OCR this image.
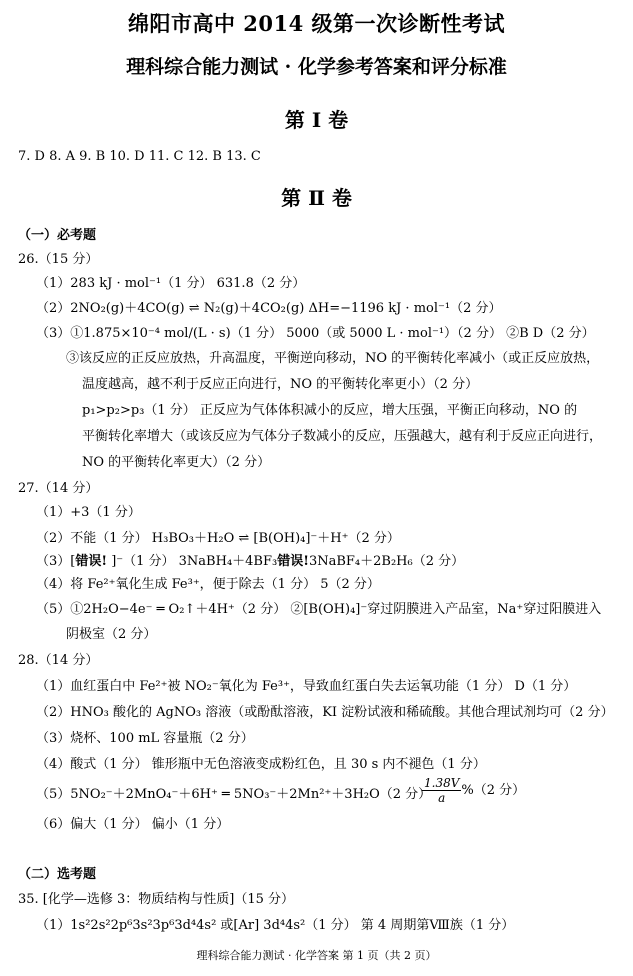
绵阳市高中 2014 级第一次诊断性考试
理科综合能力测试 · 化学参考答案和评分标准
第 Ⅰ 卷
7. D 8. A 9. B 10. D 11. C 12. B 13. C
第 Ⅱ 卷
（一）必考题
26.（15 分）
（1）283 kJ · mol⁻¹（1 分） 631.8（2 分）
（2）2NO₂(g)＋4CO(g) ⇌ N₂(g)＋4CO₂(g) ΔH=−1196 kJ · mol⁻¹（2 分）
（3）①1.875×10⁻⁴ mol/(L · s)（1 分） 5000（或 5000 L · mol⁻¹）（2 分） ②B D（2 分）
③该反应的正反应放热，升高温度，平衡逆向移动，NO 的平衡转化率减小（或正反应放热，
温度越高，越不利于反应正向进行，NO 的平衡转化率更小）（2 分）
p₁>p₂>p₃（1 分） 正反应为气体体积减小的反应，增大压强，平衡正向移动，NO 的
平衡转化率增大（或该反应为气体分子数减小的反应，压强越大，越有利于反应正向进行，
NO 的平衡转化率更大）（2 分）
27.（14 分）
（1）+3（1 分）
（2）不能（1 分） H₃BO₃＋H₂O ⇌ [B(OH)₄]⁻＋H⁺（2 分）
（3）[错误! ]⁻（1 分） 3NaBH₄＋4BF₃错误!3NaBF₄＋2B₂H₆（2 分）
（4）将 Fe²⁺氧化生成 Fe³⁺，便于除去（1 分） 5（2 分）
（5）①2H₂O−4e⁻ ═ O₂↑＋4H⁺（2 分） ②[B(OH)₄]⁻穿过阴膜进入产品室，Na⁺穿过阳膜进入
阴极室（2 分）
28.（14 分）
（1）血红蛋白中 Fe²⁺被 NO₂⁻氧化为 Fe³⁺，导致血红蛋白失去运氧功能（1 分） D（1 分）
（2）HNO₃ 酸化的 AgNO₃ 溶液（或酚酞溶液，KI 淀粉试液和稀硫酸。其他合理试剂均可（2 分）
（3）烧杯、100 mL 容量瓶（2 分）
（4）酸式（1 分） 锥形瓶中无色溶液变成粉红色，且 30 s 内不褪色（1 分）
（5）5NO₂⁻＋2MnO₄⁻＋6H⁺ ═ 5NO₃⁻＋2Mn²⁺＋3H₂O（2 分）
$\frac{1.38V}{a} \%(2$ 分）
（6）偏大（1 分） 偏小（1 分）
（二）选考题
35. [化学—选修 3：物质结构与性质]（15 分）
（1）1s²2s²2p⁶3s²3p⁶3d⁴4s² 或[Ar] 3d⁴4s²（1 分） 第 4 周期第Ⅷ族（1 分）
理科综合能力测试 · 化学答案 第 1 页（共 2 页）
